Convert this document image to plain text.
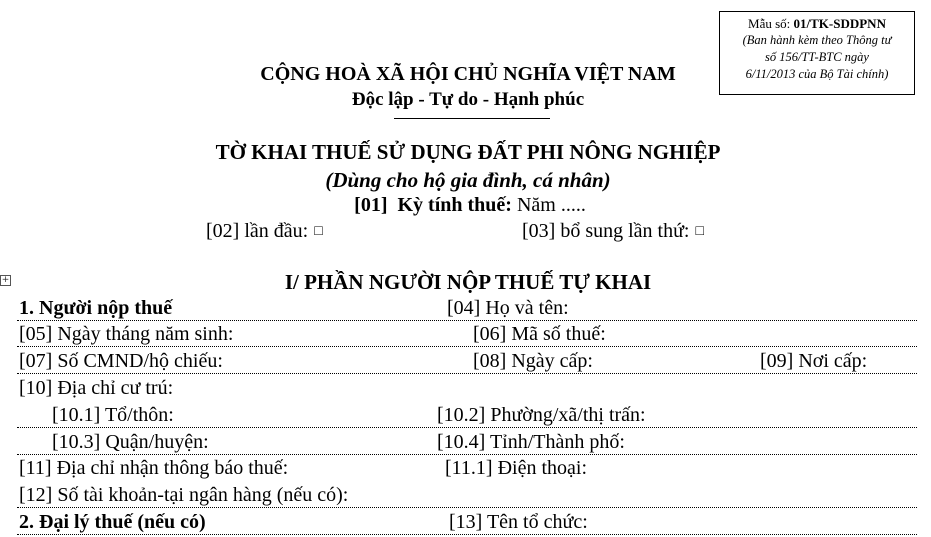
Mẫu số: 01/TK-SDDPNN
(Ban hành kèm theo Thông tư
số 156/TT-BTC ngày
6/11/2013 của Bộ Tài chính)
CỘNG HOÀ XÃ HỘI CHỦ NGHĨA VIỆT NAM
Độc lập - Tự do - Hạnh phúc
TỜ KHAI THUẾ SỬ DỤNG ĐẤT PHI NÔNG NGHIỆP
(Dùng cho hộ gia đình, cá nhân)
[01] Kỳ tính thuế: Năm .....
[02] lần đầu: □	[03] bổ sung lần thứ: □
+	I/ PHẦN NGƯỜI NỘP THUẾ TỰ KHAI
1. Người nộp thuế	[04] Họ và tên:
[05] Ngày tháng năm sinh:	[06] Mã số thuế:
[07] Số CMND/hộ chiếu:	[08] Ngày cấp:	[09] Nơi cấp:
[10] Địa chỉ cư trú:
[10.1] Tổ/thôn:	[10.2] Phường/xã/thị trấn:
[10.3] Quận/huyện:	[10.4] Tỉnh/Thành phố:
[11] Địa chỉ nhận thông báo thuế:	[11.1] Điện thoại:
[12] Số tài khoản-tại ngân hàng (nếu có):
2. Đại lý thuế (nếu có)	[13] Tên tổ chức:
